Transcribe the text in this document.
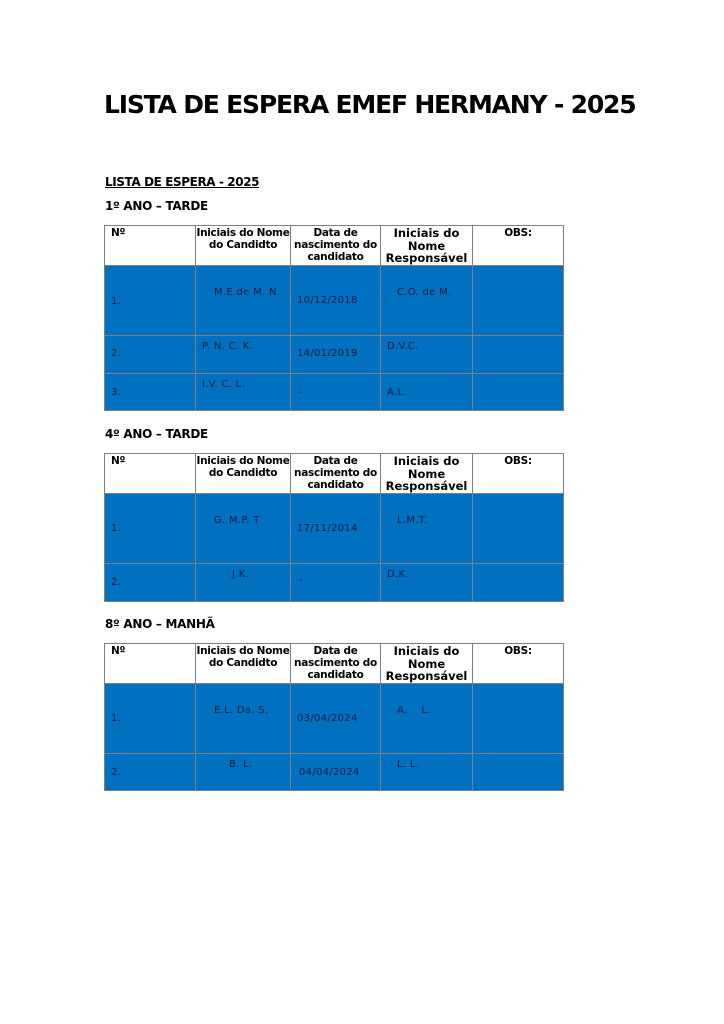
LISTA DE ESPERA EMEF HERMANY - 2025
LISTA DE ESPERA - 2025
1º ANO – TARDE
Nº	Iniciais do Nome do Candidto	Data de nascimento do candidato	Iniciais do Nome Responsável	OBS:

1.	M.E.de M. N.	10/12/2018	C.O. de M.	

2.	P. N. C. K.	14/01/2019	D.V.C.	

3.	I.V. C. L.	-	A.L.	

4º ANO – TARDE
Nº	Iniciais do Nome do Candidto	Data de nascimento do candidato	Iniciais do Nome Responsável	OBS:

1.	G. M.P. T	17/11/2014	L.M.T.	

2.	J.K.	-	D.K.	

8º ANO – MANHÃ
Nº	Iniciais do Nome do Candidto	Data de nascimento do candidato	Iniciais do Nome Responsável	OBS:

1.	E.L. Da. S.	03/04/2024	A.    L.	

2.	B. L.	04/04/2024	L. L.	
